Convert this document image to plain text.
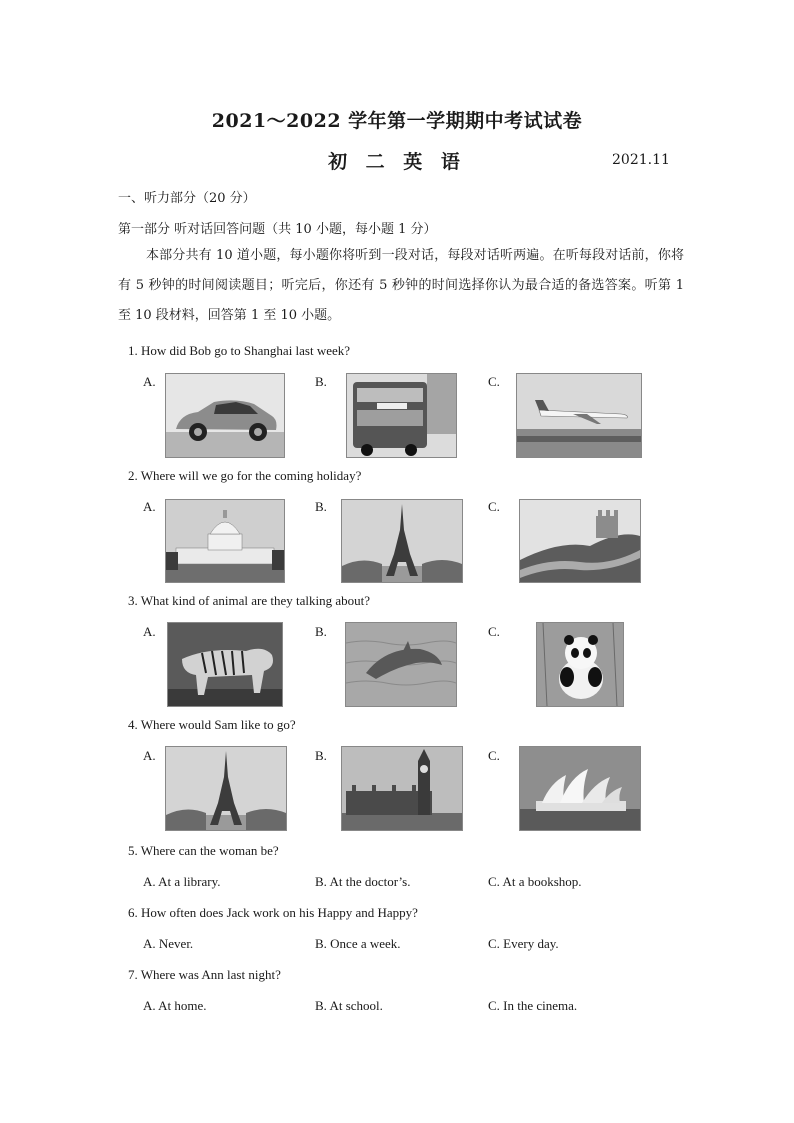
2021～2022 学年第一学期期中考试试卷
初 二 英 语	2021.11
一、听力部分（20 分）
第一部分 听对话回答问题（共 10 小题，每小题 1 分）
本部分共有 10 道小题，每小题你将听到一段对话，每段对话听两遍。在听每段对话前，你将有 5 秒钟的时间阅读题目；听完后，你还有 5 秒钟的时间选择你认为最合适的备选答案。听第 1 至 10 段材料，回答第 1 至 10 小题。
1. How did Bob go to Shanghai last week?
A.	B.	C.
2. Where will we go for the coming holiday?
A.	B.	C.
3. What kind of animal are they talking about?
A.	B.	C.
4. Where would Sam like to go?
A.	B.	C.
5. Where can the woman be?
A. At a library.	B. At the doctor’s.	C. At a bookshop.
6. How often does Jack work on his Happy and Happy?
A. Never.	B. Once a week.	C. Every day.
7. Where was Ann last night?
A. At home.	B. At school.	C. In the cinema.
